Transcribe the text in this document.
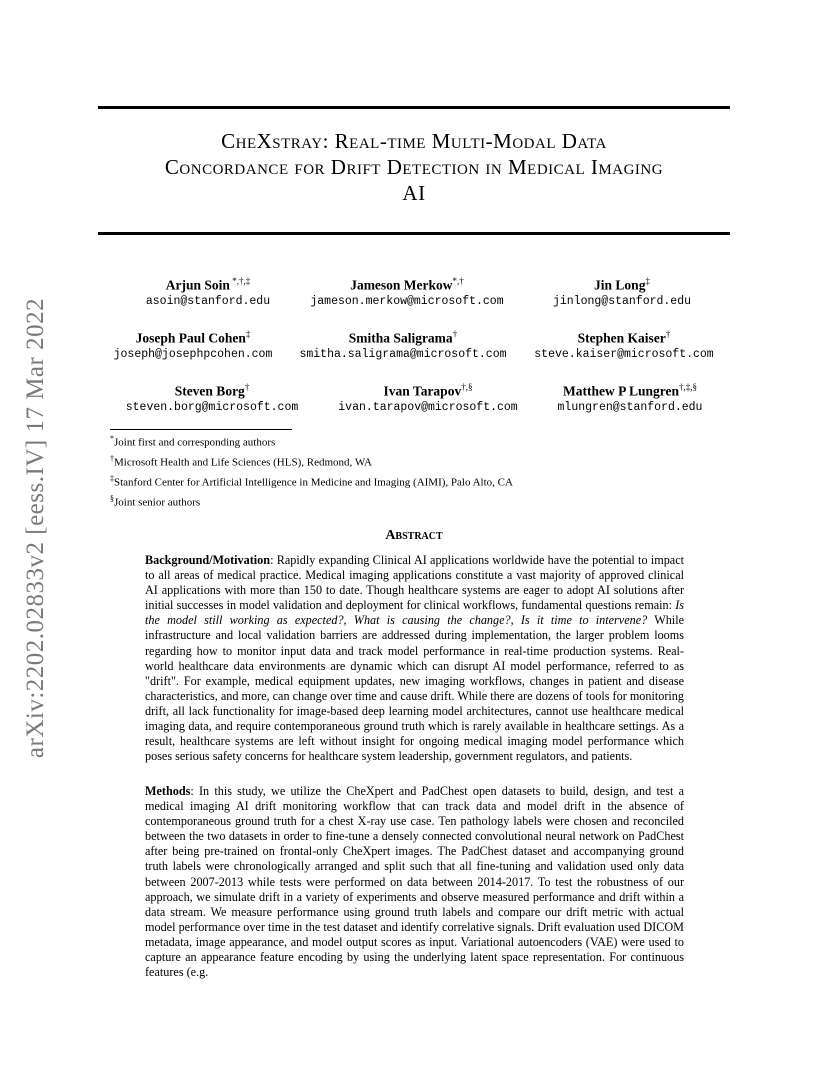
arXiv:2202.02833v2 [eess.IV] 17 Mar 2022
CheXstray: Real-time Multi-Modal Data
Concordance for Drift Detection in Medical Imaging
AI
Arjun Soin *,†,‡
asoin@stanford.edu
Jameson Merkow*,†
jameson.merkow@microsoft.com
Jin Long‡
jinlong@stanford.edu
Joseph Paul Cohen‡
joseph@josephpcohen.com
Smitha Saligrama†
smitha.saligrama@microsoft.com
Stephen Kaiser†
steve.kaiser@microsoft.com
Steven Borg†
steven.borg@microsoft.com
Ivan Tarapov†,§
ivan.tarapov@microsoft.com
Matthew P Lungren†,‡,§
mlungren@stanford.edu
*Joint first and corresponding authors
†Microsoft Health and Life Sciences (HLS), Redmond, WA
‡Stanford Center for Artificial Intelligence in Medicine and Imaging (AIMI), Palo Alto, CA
§Joint senior authors
Abstract
Background/Motivation: Rapidly expanding Clinical AI applications worldwide have the potential to impact to all areas of medical practice. Medical imaging applications constitute a vast majority of approved clinical AI applications with more than 150 to date. Though healthcare systems are eager to adopt AI solutions after initial successes in model validation and deployment for clinical workflows, fundamental questions remain: Is the model still working as expected?, What is causing the change?, Is it time to intervene? While infrastructure and local validation barriers are addressed during implementation, the larger problem looms regarding how to monitor input data and track model performance in real-time production systems. Real-world healthcare data environments are dynamic which can disrupt AI model performance, referred to as "drift". For example, medical equipment updates, new imaging workflows, changes in patient and disease characteristics, and more, can change over time and cause drift. While there are dozens of tools for monitoring drift, all lack functionality for image-based deep learning model architectures, cannot use healthcare medical imaging data, and require contemporaneous ground truth which is rarely available in healthcare settings. As a result, healthcare systems are left without insight for ongoing medical imaging model performance which poses serious safety concerns for healthcare system leadership, government regulators, and patients.
Methods: In this study, we utilize the CheXpert and PadChest open datasets to build, design, and test a medical imaging AI drift monitoring workflow that can track data and model drift in the absence of contemporaneous ground truth for a chest X-ray use case. Ten pathology labels were chosen and reconciled between the two datasets in order to fine-tune a densely connected convolutional neural network on PadChest after being pre-trained on frontal-only CheXpert images. The PadChest dataset and accompanying ground truth labels were chronologically arranged and split such that all fine-tuning and validation used only data between 2007-2013 while tests were performed on data between 2014-2017. To test the robustness of our approach, we simulate drift in a variety of experiments and observe measured performance and drift within a data stream. We measure performance using ground truth labels and compare our drift metric with actual model performance over time in the test dataset and identify correlative signals. Drift evaluation used DICOM metadata, image appearance, and model output scores as input. Variational autoencoders (VAE) were used to capture an appearance feature encoding by using the underlying latent space representation. For continuous features (e.g.
